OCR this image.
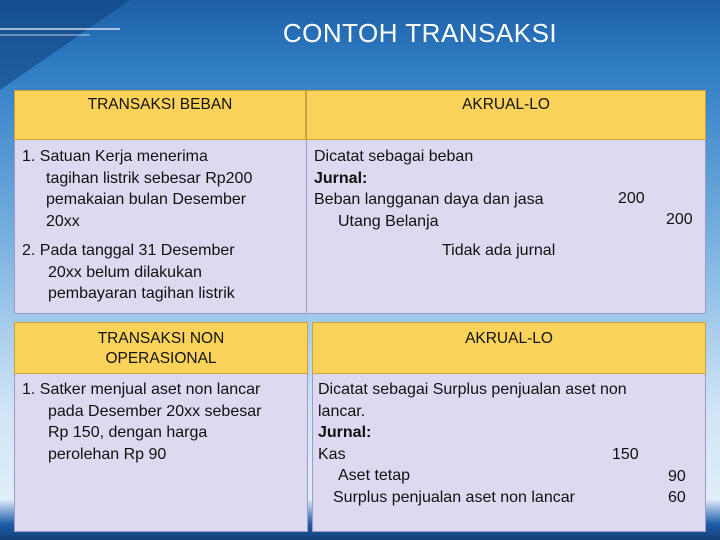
CONTOH TRANSAKSI
TRANSAKSI BEBAN	AKRUAL-LO
1. Satuan Kerja menerima
tagihan listrik sebesar Rp200
pemakaian bulan Desember
20xx
Dicatat sebagai beban
Jurnal:
Beban langganan daya dan jasa
Utang Belanja
200
200
2. Pada tanggal 31 Desember
20xx belum dilakukan
pembayaran tagihan listrik
Tidak ada jurnal
TRANSAKSI NON
OPERASIONAL
AKRUAL-LO
1. Satker menjual aset non lancar
pada Desember 20xx sebesar
Rp 150, dengan harga
perolehan Rp 90
Dicatat sebagai Surplus penjualan aset non
lancar.
Jurnal:
Kas
Aset tetap
Surplus penjualan aset non lancar
150
90
60
